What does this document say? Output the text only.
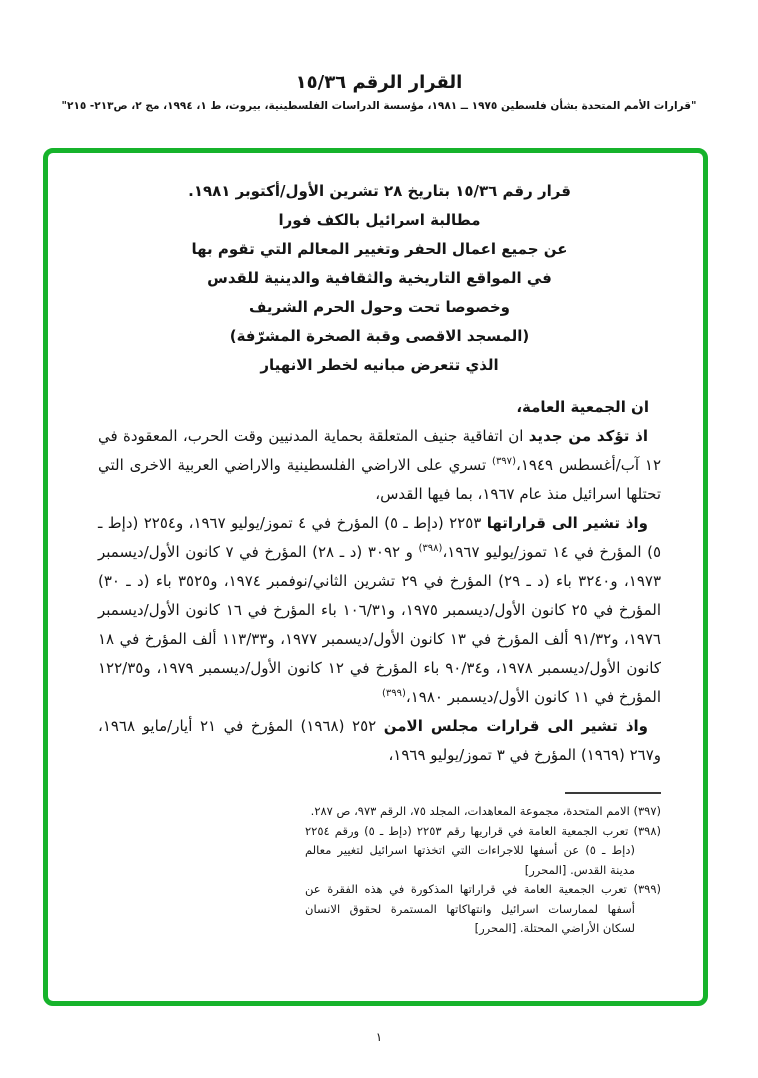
القرار الرقم ١٥/٣٦

"قرارات الأمم المتحدة بشأن فلسطين ١٩٧٥ ــ ١٩٨١، مؤسسة الدراسات الفلسطينية، بيروت، ط ١، ١٩٩٤، مج ٢، ص٢١٣- ٢١٥"

قرار رقم ١٥/٣٦ بتاريخ ٢٨ تشرين الأول/أكتوبر ١٩٨١.
مطالبة اسرائيل بالكف فورا
عن جميع اعمال الحفر وتغيير المعالم التي تقوم بها
في المواقع التاريخية والثقافية والدينية للقدس
وخصوصا تحت وحول الحرم الشريف
(المسجد الاقصى وقبة الصخرة المشرّفة)
الذي تتعرض مبانيه لخطر الانهيار

ان الجمعية العامة،

اذ تؤكد من جديد ان اتفاقية جنيف المتعلقة بحماية المدنيين وقت الحرب، المعقودة في ١٢ آب/أغسطس ١٩٤٩،$^{(٣٩٧)}$ تسري على الاراضي الفلسطينية والاراضي العربية الاخرى التي تحتلها اسرائيل منذ عام ١٩٦٧، بما فيها القدس،

واذ تشير الى قراراتها ٢٢٥٣ (دإط ـ ٥) المؤرخ في ٤ تموز/يوليو ١٩٦٧، و٢٢٥٤ (دإط ـ ٥) المؤرخ في ١٤ تموز/يوليو ١٩٦٧،$^{(٣٩٨)}$ و ٣٠٩٢ (د ـ ٢٨) المؤرخ في ٧ كانون الأول/ديسمبر ١٩٧٣، و٣٢٤٠ باء (د ـ ٢٩) المؤرخ في ٢٩ تشرين الثاني/نوفمبر ١٩٧٤، و٣٥٢٥ باء (د ـ ٣٠) المؤرخ في ٢٥ كانون الأول/ديسمبر ١٩٧٥، و١٠٦/٣١ باء المؤرخ في ١٦ كانون الأول/ديسمبر ١٩٧٦، و٩١/٣٢ ألف المؤرخ في ١٣ كانون الأول/ديسمبر ١٩٧٧، و١١٣/٣٣ ألف المؤرخ في ١٨ كانون الأول/ديسمبر ١٩٧٨، و٩٠/٣٤ باء المؤرخ في ١٢ كانون الأول/ديسمبر ١٩٧٩، و١٢٢/٣٥ المؤرخ في ١١ كانون الأول/ديسمبر ١٩٨٠،$^{(٣٩٩)}$

واذ تشير الى قرارات مجلس الامن ٢٥٢ (١٩٦٨) المؤرخ في ٢١ أيار/مايو ١٩٦٨، و٢٦٧ (١٩٦٩) المؤرخ في ٣ تموز/يوليو ١٩٦٩،

(٣٩٧) الامم المتحدة، مجموعة المعاهدات، المجلد ٧٥، الرقم ٩٧٣، ص ٢٨٧.
(٣٩٨) تعرب الجمعية العامة في قراريها رقم ٢٢٥٣ (دإط ـ ٥) ورقم ٢٢٥٤ (دإط ـ ٥) عن أسفها للاجراءات التي اتخذتها اسرائيل لتغيير معالم مدينة القدس. [المحرر]
(٣٩٩) تعرب الجمعية العامة في قراراتها المذكورة في هذه الفقرة عن أسفها لممارسات اسرائيل وانتهاكاتها المستمرة لحقوق الانسان لسكان الأراضي المحتلة. [المحرر]
١
